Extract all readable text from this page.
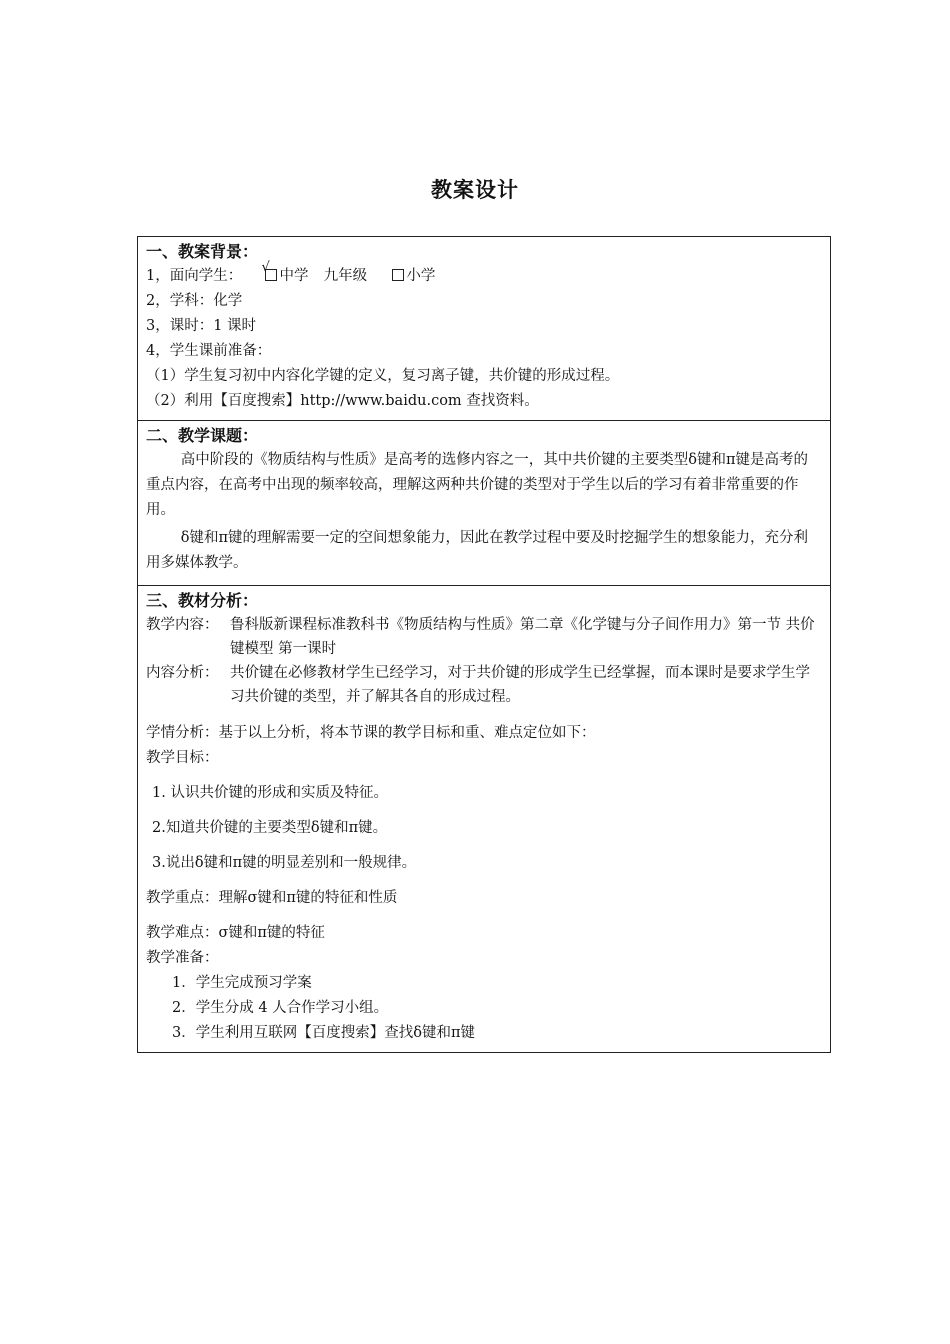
教案设计
一、教案背景：
1，面向学生：
√
中学 九年级	小学
2，学科：化学
3，课时：1 课时
4，学生课前准备：
（1）学生复习初中内容化学键的定义，复习离子键，共价键的形成过程。
（2）利用【百度搜索】http://www.baidu.com 查找资料。
二、教学课题：
高中阶段的《物质结构与性质》是高考的选修内容之一，其中共价键的主要类型δ键和π键是高考的重点内容，在高考中出现的频率较高，理解这两种共价键的类型对于学生以后的学习有着非常重要的作用。
δ键和π键的理解需要一定的空间想象能力，因此在教学过程中要及时挖掘学生的想象能力，充分利用多媒体教学。
三、教材分析：
教学内容： 鲁科版新课程标准教科书《物质结构与性质》第二章《化学键与分子间作用力》第一节 共价键模型 第一课时
内容分析： 共价键在必修教材学生已经学习，对于共价键的形成学生已经掌握，而本课时是要求学生学习共价键的类型，并了解其各自的形成过程。
学情分析：基于以上分析，将本节课的教学目标和重、难点定位如下：
教学目标：
1. 认识共价键的形成和实质及特征。
2.知道共价键的主要类型δ键和π键。
3.说出δ键和π键的明显差别和一般规律。
教学重点：理解σ键和π键的特征和性质
教学难点：σ键和π键的特征
教学准备：
1．学生完成预习学案
2．学生分成 4 人合作学习小组。
3．学生利用互联网【百度搜索】查找δ键和π键
